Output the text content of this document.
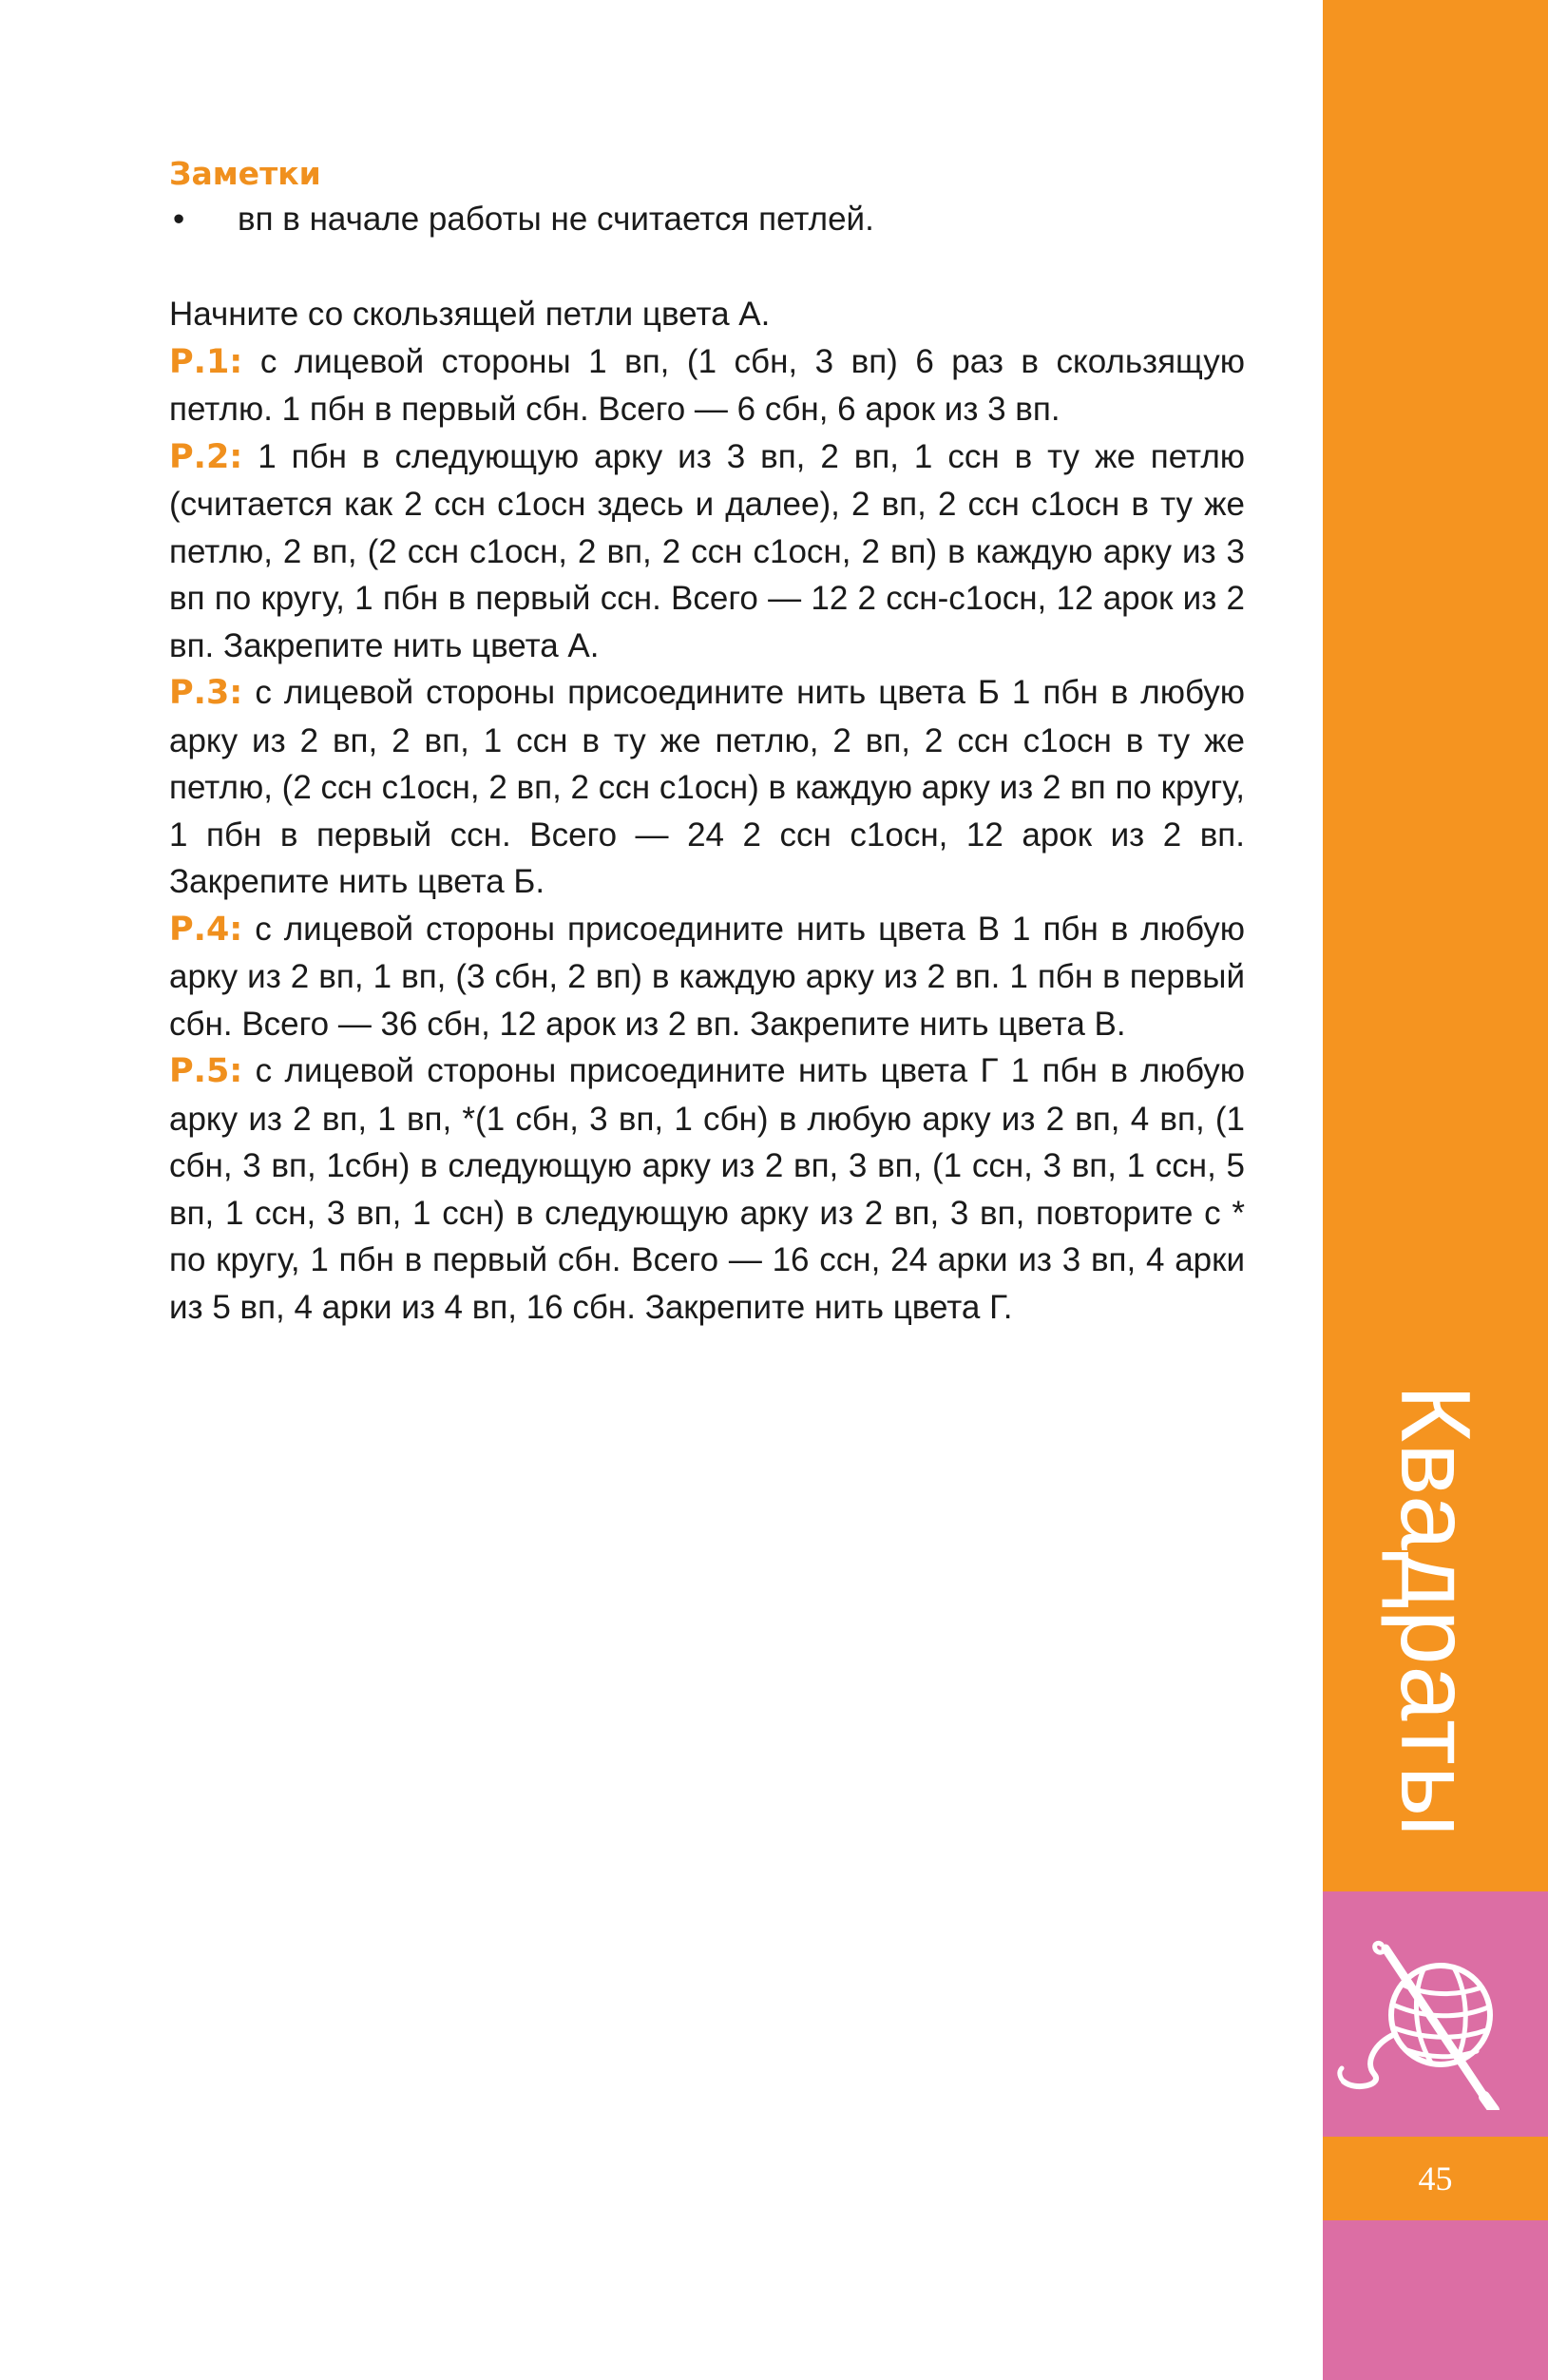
Заметки
• вп в начале работы не считается петлей.

Начните со скользящей петли цвета А.

Р.1: с лицевой стороны 1 вп, (1 сбн, 3 вп) 6 раз в скользящую петлю. 1 пбн в первый сбн. Всего — 6 сбн, 6 арок из 3 вп.

Р.2: 1 пбн в следующую арку из 3 вп, 2 вп, 1 ссн в ту же петлю (считается как 2 ссн с1осн здесь и далее), 2 вп, 2 ссн с1осн в ту же петлю, 2 вп, (2 ссн с1осн, 2 вп, 2 ссн с1осн, 2 вп) в каждую арку из 3 вп по кругу, 1 пбн в первый ссн. Всего — 12 2 ссн-с1осн, 12 арок из 2 вп. Закрепите нить цвета А.

Р.3: с лицевой стороны присоедините нить цвета Б 1 пбн в любую арку из 2 вп, 2 вп, 1 ссн в ту же петлю, 2 вп, 2 ссн с1осн в ту же петлю, (2 ссн с1осн, 2 вп, 2 ссн с1осн) в каждую арку из 2 вп по кругу, 1 пбн в первый ссн. Всего — 24 2 ссн с1осн, 12 арок из 2 вп. Закрепите нить цвета Б.

Р.4: с лицевой стороны присоедините нить цвета В 1 пбн в любую арку из 2 вп, 1 вп, (3 сбн, 2 вп) в каждую арку из 2 вп. 1 пбн в первый сбн. Всего — 36 сбн, 12 арок из 2 вп. Закрепите нить цвета В.

Р.5: с лицевой стороны присоедините нить цвета Г 1 пбн в любую арку из 2 вп, 1 вп, *(1 сбн, 3 вп, 1 сбн) в любую арку из 2 вп, 4 вп, (1 сбн, 3 вп, 1сбн) в следующую арку из 2 вп, 3 вп, (1 ссн, 3 вп, 1 ссн, 5 вп, 1 ссн, 3 вп, 1 ссн) в следующую арку из 2 вп, 3 вп, повторите с * по кругу, 1 пбн в первый сбн. Всего — 16 ссн, 24 арки из 3 вп, 4 арки из 5 вп, 4 арки из 4 вп, 16 сбн. Закрепите нить цвета Г.

45
Квадраты
